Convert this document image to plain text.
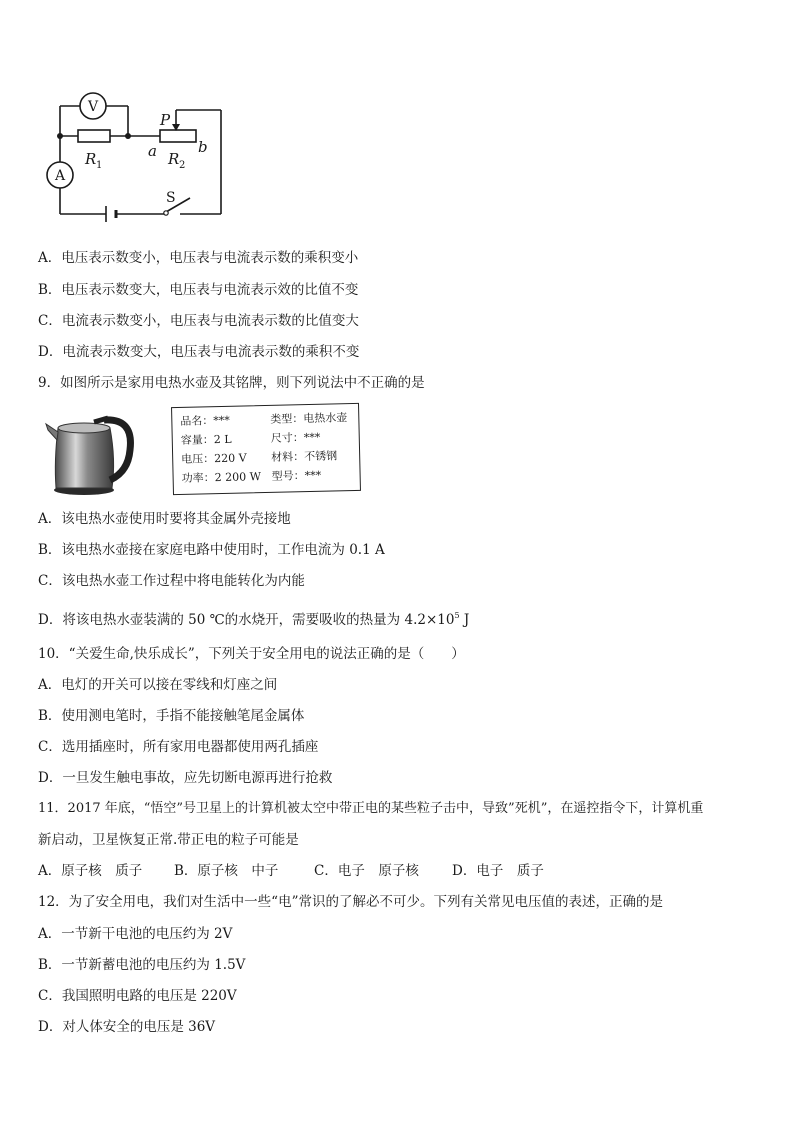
V
A
R 1	R 2
P
a	b
S
A．电压表示数变小，电压表与电流表示数的乘积变小
B．电压表示数变大，电压表与电流表示效的比值不变
C．电流表示数变小，电压表与电流表示数的比值变大
D．电流表示数变大，电压表与电流表示数的乘积不变
9．如图所示是家用电热水壶及其铭牌，则下列说法中不正确的是
品名：***	类型：电热水壶
容量：2 L	尺寸：***
电压：220 V 材料：不锈钢
功率：2 200 W 型号：***
A．该电热水壶使用时要将其金属外壳接地
B．该电热水壶接在家庭电路中使用时，工作电流为 0.1 A
C．该电热水壶工作过程中将电能转化为内能
D．将该电热水壶装满的 50 ℃的水烧开，需要吸收的热量为 $4.2\times 10^5$ J
10．“关爱生命,快乐成长”，下列关于安全用电的说法正确的是（　　）
A．电灯的开关可以接在零线和灯座之间
B．使用测电笔时，手指不能接触笔尾金属体
C．选用插座时，所有家用电器都使用两孔插座
D．一旦发生触电事故，应先切断电源再进行抢救
11．2017 年底，“悟空”号卫星上的计算机被太空中带正电的某些粒子击中，导致”死机”，在遥控指令下，计算机重
新启动，卫星恢复正常.带正电的粒子可能是
A．原子核　质子 B．原子核　中子	C．电子　原子核 D．电子　质子
12．为了安全用电，我们对生活中一些“电”常识的了解必不可少。下列有关常见电压值的表述，正确的是
A．一节新干电池的电压约为 2V
B．一节新蓄电池的电压约为 1.5V
C．我国照明电路的电压是 220V
D．对人体安全的电压是 36V
